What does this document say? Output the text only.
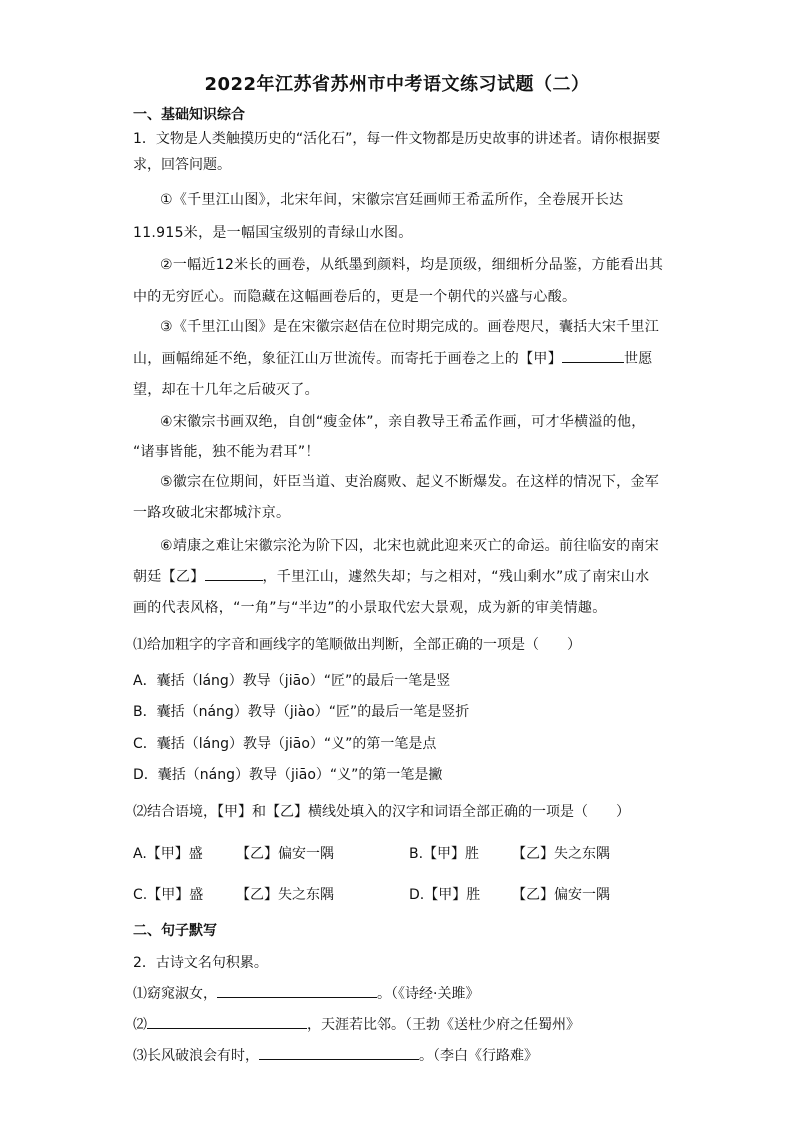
2022年江苏省苏州市中考语文练习试题（二）
一、基础知识综合
1．文物是人类触摸历史的“活化石”，每一件文物都是历史故事的讲述者。请你根据要求，回答问题。
①《千里江山图》，北宋年间，宋徽宗宫廷画师王希孟所作，全卷展开长达
11.915米，是一幅国宝级别的青绿山水图。
②一幅近12米长的画卷，从纸墨到颜料，均是顶级，细细析分品鉴，方能看出其
中的无穷匠心。而隐藏在这幅画卷后的，更是一个朝代的兴盛与心酸。
③《千里江山图》是在宋徽宗赵佶在位时期完成的。画卷咫尺，囊括大宋千里江
山，画幅绵延不绝，象征江山万世流传。而寄托于画卷之上的【甲】	世愿
望，却在十几年之后破灭了。
④宋徽宗书画双绝，自创“瘦金体”，亲自教导王希孟作画，可才华横溢的他，
“诸事皆能，独不能为君耳”！
⑤徽宗在位期间，奸臣当道、吏治腐败、起义不断爆发。在这样的情况下，金军
一路攻破北宋都城汴京。
⑥靖康之难让宋徽宗沦为阶下囚，北宋也就此迎来灭亡的命运。前往临安的南宋
朝廷【乙】	，千里江山，遽然失却；与之相对，“残山剩水”成了南宋山水
画的代表风格，“一角”与“半边”的小景取代宏大景观，成为新的审美情趣。
⑴给加粗字的字音和画线字的笔顺做出判断，全部正确的一项是（　　）
A．囊括（láng）教导（jiāo）“匠”的最后一笔是竖
B．囊括（náng）教导（jiào）“匠”的最后一笔是竖折
C．囊括（láng）教导（jiāo）“义”的第一笔是点
D．囊括（náng）教导（jiāo）“义”的第一笔是撇
⑵结合语境，【甲】和【乙】横线处填入的汉字和词语全部正确的一项是（　　）
A.【甲】盛 【乙】偏安一隅	B.【甲】胜 【乙】失之东隅
C.【甲】盛 【乙】失之东隅	D.【甲】胜 【乙】偏安一隅
二、句子默写
2．古诗文名句积累。
⑴窈窕淑女，	。（《诗经·关雎》
⑵	，天涯若比邻。（王勃《送杜少府之任蜀州》
⑶长风破浪会有时，	。（李白《行路难》
